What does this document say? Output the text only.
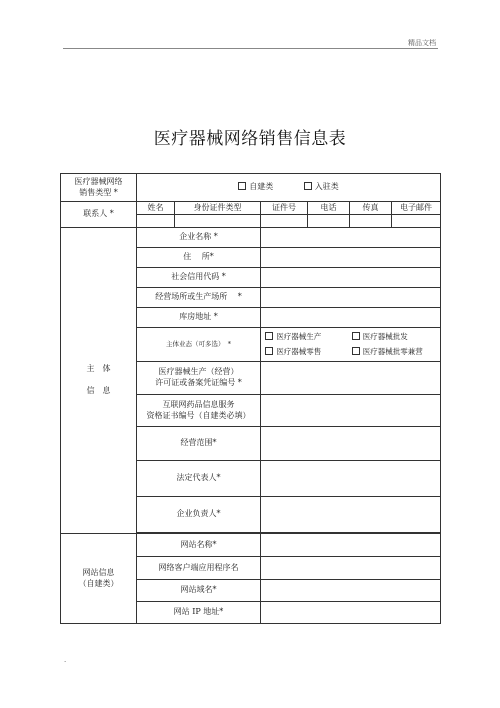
精品文档
医疗器械网络销售信息表
医疗器械网络
销售类型 *	自建类 入驻类					
联系人 *	姓名	身份证件类型	证件号	电话	传真	电子邮件

主　体

信　息	企业名称 *					
	住　 所*					
	社会信用代码 *					
	经营场所或生产场所　 *					
	库房地址 *					
	主体业态（可多选）　*		医疗器械生产 医疗器械批发
医疗器械零售 医疗器械批零兼营			

	医疗器械生产（经营）
许可证或备案凭证编号 *					
	互联网药品信息服务
资格证书编号（自建类必填）					
	经营范围*					
	法定代表人*					
	企业负责人*					

网站信息
（自建类）	网站名称*					
	网络客户端应用程序名					
	网站域名*					
	网站 IP 地址*					
.
